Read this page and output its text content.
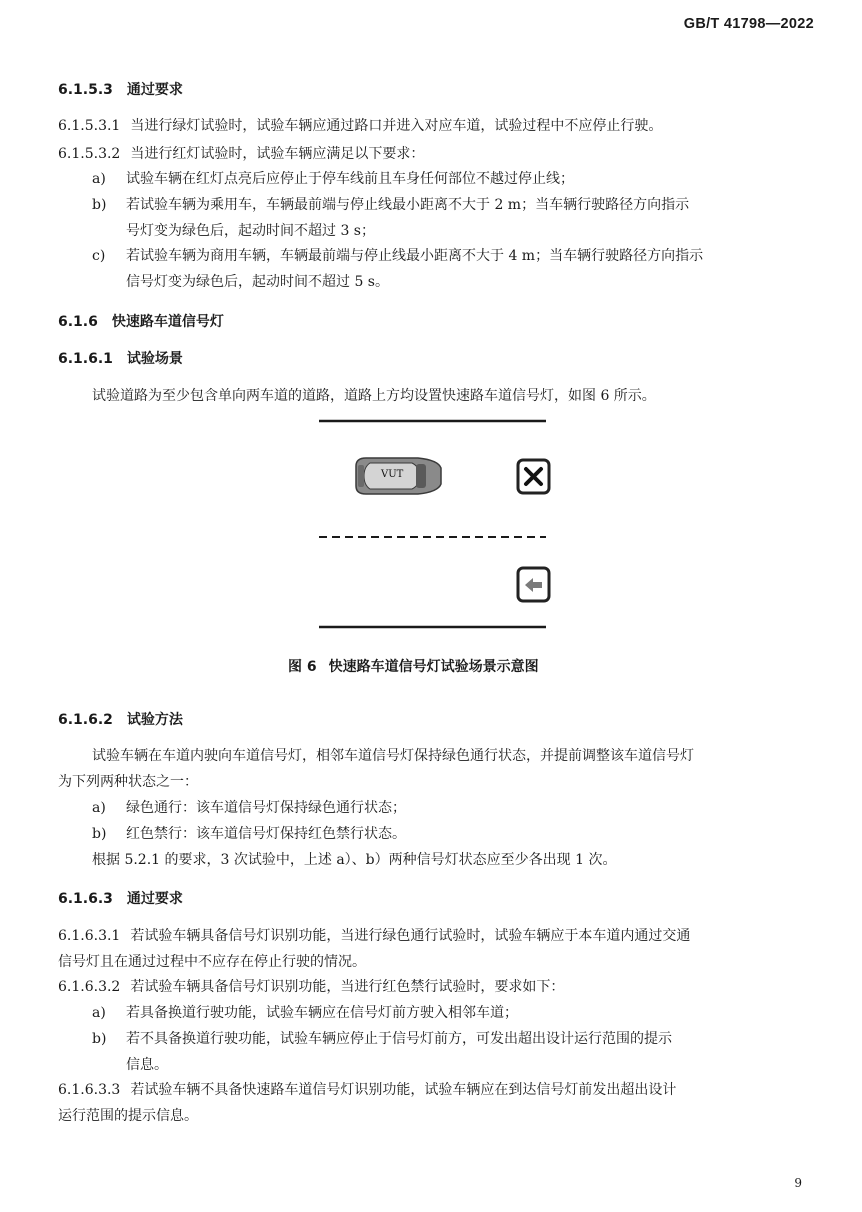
GB/T 41798—2022
6.1.5.3 通过要求
6.1.5.3.1 当进行绿灯试验时，试验车辆应通过路口并进入对应车道，试验过程中不应停止行驶。
6.1.5.3.2 当进行红灯试验时，试验车辆应满足以下要求：
a) 试验车辆在红灯点亮后应停止于停车线前且车身任何部位不越过停止线；
b) 若试验车辆为乘用车，车辆最前端与停止线最小距离不大于 2 m；当车辆行驶路径方向指示
号灯变为绿色后，起动时间不超过 3 s；
c) 若试验车辆为商用车辆，车辆最前端与停止线最小距离不大于 4 m；当车辆行驶路径方向指示
信号灯变为绿色后，起动时间不超过 5 s。
6.1.6 快速路车道信号灯
6.1.6.1 试验场景
试验道路为至少包含单向两车道的道路，道路上方均设置快速路车道信号灯，如图 6 所示。
VUT
图 6 快速路车道信号灯试验场景示意图
6.1.6.2 试验方法
试验车辆在车道内驶向车道信号灯，相邻车道信号灯保持绿色通行状态，并提前调整该车道信号灯
为下列两种状态之一：
a) 绿色通行：该车道信号灯保持绿色通行状态；
b) 红色禁行：该车道信号灯保持红色禁行状态。
根据 5.2.1 的要求，3 次试验中，上述 a）、b）两种信号灯状态应至少各出现 1 次。
6.1.6.3 通过要求
6.1.6.3.1 若试验车辆具备信号灯识别功能，当进行绿色通行试验时，试验车辆应于本车道内通过交通
信号灯且在通过过程中不应存在停止行驶的情况。
6.1.6.3.2 若试验车辆具备信号灯识别功能，当进行红色禁行试验时，要求如下：
a) 若具备换道行驶功能，试验车辆应在信号灯前方驶入相邻车道；
b) 若不具备换道行驶功能，试验车辆应停止于信号灯前方，可发出超出设计运行范围的提示
信息。
6.1.6.3.3 若试验车辆不具备快速路车道信号灯识别功能，试验车辆应在到达信号灯前发出超出设计
运行范围的提示信息。
9
